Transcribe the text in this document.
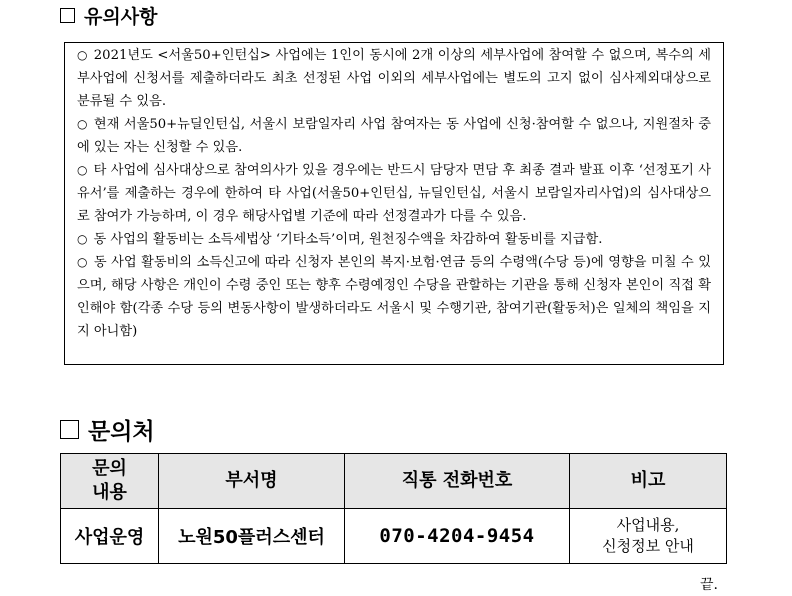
유의사항

○ 2021년도 <서울50+인턴십> 사업에는 1인이 동시에 2개 이상의 세부사업에 참여할 수 없으며, 복수의 세부사업에 신청서를 제출하더라도 최초 선정된 사업 이외의 세부사업에는 별도의 고지 없이 심사제외대상으로 분류될 수 있음.

○ 현재 서울50+뉴딜인턴십, 서울시 보람일자리 사업 참여자는 동 사업에 신청·참여할 수 없으나, 지원절차 중에 있는 자는 신청할 수 있음.

○ 타 사업에 심사대상으로 참여의사가 있을 경우에는 반드시 담당자 면담 후 최종 결과 발표 이후 ‘선정포기 사유서’를 제출하는 경우에 한하여 타 사업(서울50+인턴십, 뉴딜인턴십, 서울시 보람일자리사업)의 심사대상으로 참여가 가능하며, 이 경우 해당사업별 기준에 따라 선정결과가 다를 수 있음.

○ 동 사업의 활동비는 소득세법상 ‘기타소득’이며, 원천징수액을 차감하여 활동비를 지급함.

○ 동 사업 활동비의 소득신고에 따라 신청자 본인의 복지·보험·연금 등의 수령액(수당 등)에 영향을 미칠 수 있으며, 해당 사항은 개인이 수령 중인 또는 향후 수령예정인 수당을 관할하는 기관을 통해 신청자 본인이 직접 확인해야 함(각종 수당 등의 변동사항이 발생하더라도 서울시 및 수행기관, 참여기관(활동처)은 일체의 책임을 지지 아니함)

문의처
문의
내용	부서명	직통 전화번호	비고
사업운영	노원50플러스센터	070-4204-9454	사업내용,
신청정보 안내
끝.
